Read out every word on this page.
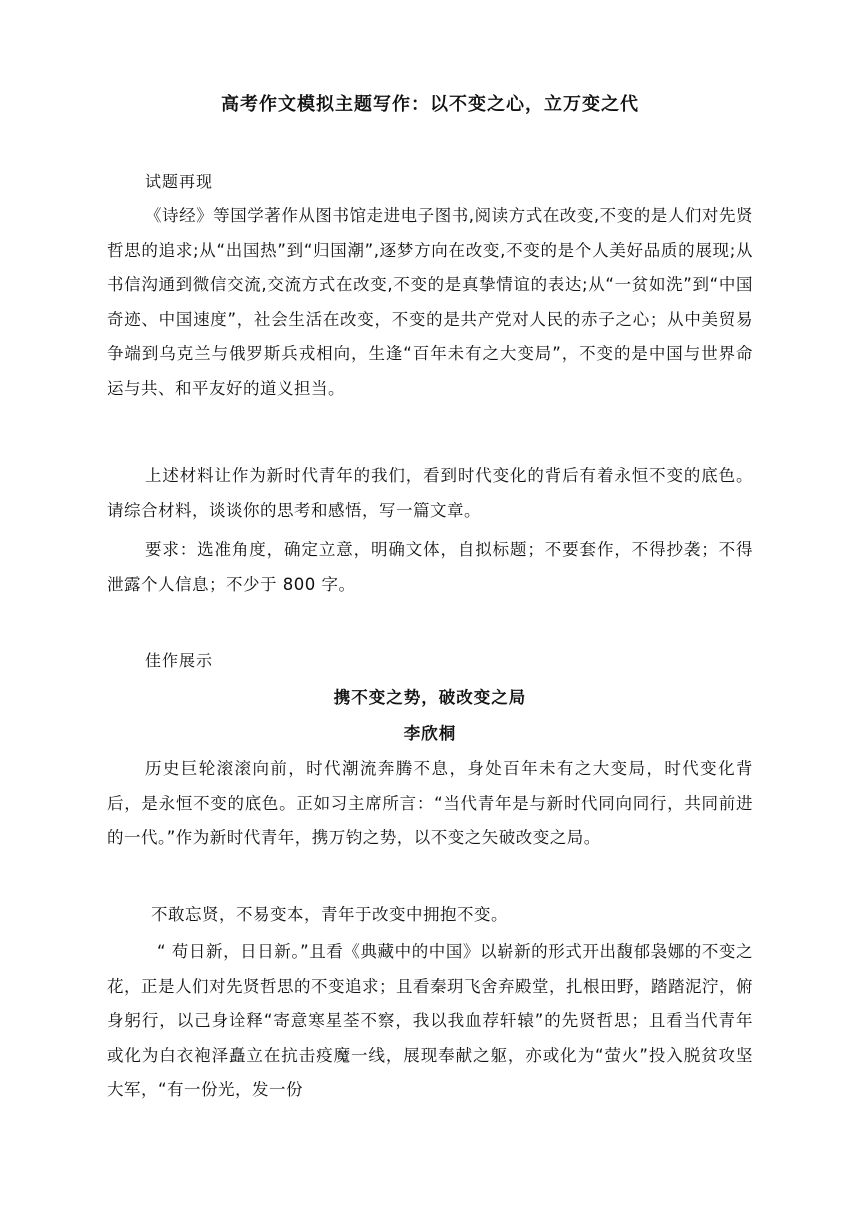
高考作文模拟主题写作：以不变之心，立万变之代
试题再现
《诗经》等国学著作从图书馆走进电子图书,阅读方式在改变,不变的是人们对先贤哲思的追求;从“出国热”到“归国潮”,逐梦方向在改变,不变的是个人美好品质的展现;从书信沟通到微信交流,交流方式在改变,不变的是真挚情谊的表达;从“一贫如洗”到“中国奇迹、中国速度”，社会生活在改变，不变的是共产党对人民的赤子之心；从中美贸易争端到乌克兰与俄罗斯兵戎相向，生逢“百年未有之大变局”，不变的是中国与世界命运与共、和平友好的道义担当。
上述材料让作为新时代青年的我们，看到时代变化的背后有着永恒不变的底色。请综合材料，谈谈你的思考和感悟，写一篇文章。
要求：选准角度，确定立意，明确文体，自拟标题；不要套作，不得抄袭；不得泄露个人信息；不少于 800 字。
佳作展示
携不变之势，破改变之局
李欣桐
历史巨轮滚滚向前，时代潮流奔腾不息，身处百年未有之大变局，时代变化背后，是永恒不变的底色。正如习主席所言：“当代青年是与新时代同向同行，共同前进的一代。”作为新时代青年，携万钧之势，以不变之矢破改变之局。
不敢忘贤，不易变本，青年于改变中拥抱不变。
“ 苟日新，日日新。”且看《典藏中的中国》以崭新的形式开出馥郁袅娜的不变之花，正是人们对先贤哲思的不变追求；且看秦玥飞舍弃殿堂，扎根田野，踏踏泥泞，俯身躬行，以己身诠释“寄意寒星荃不察，我以我血荐轩辕”的先贤哲思；且看当代青年或化为白衣袍泽矗立在抗击疫魔一线，展现奉献之躯，亦或化为“萤火”投入脱贫攻坚大军，“有一份光，发一份
